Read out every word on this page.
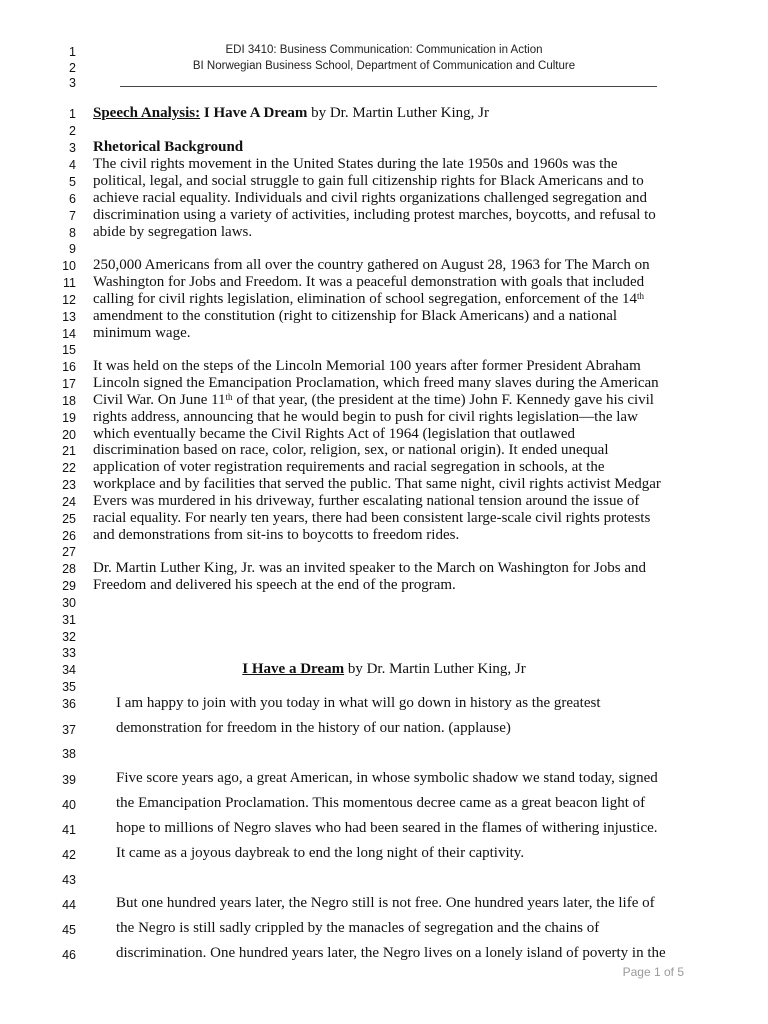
EDI 3410: Business Communication: Communication in Action
BI Norwegian Business School, Department of Communication and Culture
1
2
3
1
2
3
4
5
6
7
8
9
10
11
12
13
14
15
16
17
18
19
20
21
22
23
24
25
26
27
28
29
30
31
32
33
34
35
36
37
38
39
40
41
42
43
44
45
46
Speech Analysis: I Have A Dream by Dr. Martin Luther King, Jr
Rhetorical Background
The civil rights movement in the United States during the late 1950s and 1960s was the
political, legal, and social struggle to gain full citizenship rights for Black Americans and to
achieve racial equality. Individuals and civil rights organizations challenged segregation and
discrimination using a variety of activities, including protest marches, boycotts, and refusal to
abide by segregation laws.
250,000 Americans from all over the country gathered on August 28, 1963 for The March on
Washington for Jobs and Freedom. It was a peaceful demonstration with goals that included
calling for civil rights legislation, elimination of school segregation, enforcement of the 14th
amendment to the constitution (right to citizenship for Black Americans) and a national
minimum wage.
It was held on the steps of the Lincoln Memorial 100 years after former President Abraham
Lincoln signed the Emancipation Proclamation, which freed many slaves during the American
Civil War. On June 11th of that year, (the president at the time) John F. Kennedy gave his civil
rights address, announcing that he would begin to push for civil rights legislation—the law
which eventually became the Civil Rights Act of 1964 (legislation that outlawed
discrimination based on race, color, religion, sex, or national origin). It ended unequal
application of voter registration requirements and racial segregation in schools, at the
workplace and by facilities that served the public. That same night, civil rights activist Medgar
Evers was murdered in his driveway, further escalating national tension around the issue of
racial equality. For nearly ten years, there had been consistent large-scale civil rights protests
and demonstrations from sit-ins to boycotts to freedom rides.
Dr. Martin Luther King, Jr. was an invited speaker to the March on Washington for Jobs and
Freedom and delivered his speech at the end of the program.
I Have a Dream by Dr. Martin Luther King, Jr
I am happy to join with you today in what will go down in history as the greatest
demonstration for freedom in the history of our nation. (applause)
Five score years ago, a great American, in whose symbolic shadow we stand today, signed
the Emancipation Proclamation. This momentous decree came as a great beacon light of
hope to millions of Negro slaves who had been seared in the flames of withering injustice.
It came as a joyous daybreak to end the long night of their captivity.
But one hundred years later, the Negro still is not free. One hundred years later, the life of
the Negro is still sadly crippled by the manacles of segregation and the chains of
discrimination. One hundred years later, the Negro lives on a lonely island of poverty in the
Page 1 of 5
